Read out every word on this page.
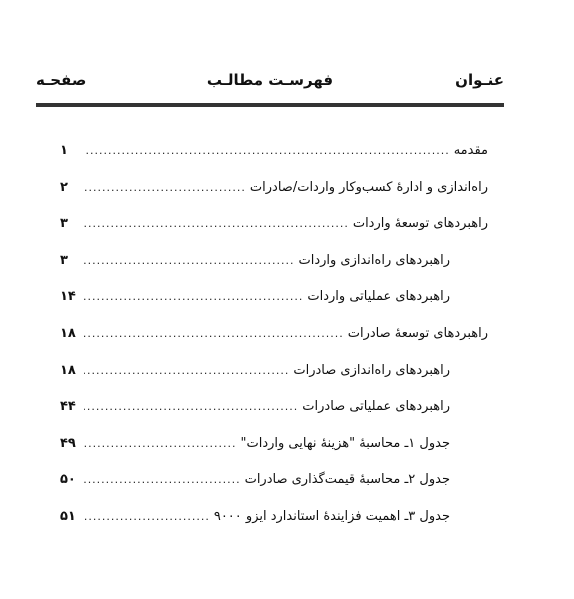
عنـوان
فهرسـت مطالـب
صفحـه
مقدمه
.....
۱
راه‌اندازی و ادارۀ کسب‌وکار واردات/صادرات
.....
۲
راهبردهای توسعۀ واردات
.....
۳
راهبردهای راه‌اندازی واردات
.....
۳
راهبردهای عملیاتی واردات
.....
۱۴
راهبردهای توسعۀ صادرات
.....
۱۸
راهبردهای راه‌اندازی صادرات
.....
۱۸
راهبردهای عملیاتی صادرات
.....
۴۴
جدول ۱ـ محاسبۀ "هزینۀ نهایی واردات"
.....
۴۹
جدول ۲ـ محاسبۀ قیمت‌گذاری صادرات
.....
۵۰
جدول ۳ـ اهمیت فزایندۀ استاندارد ایزو ۹۰۰۰
.....
۵۱
